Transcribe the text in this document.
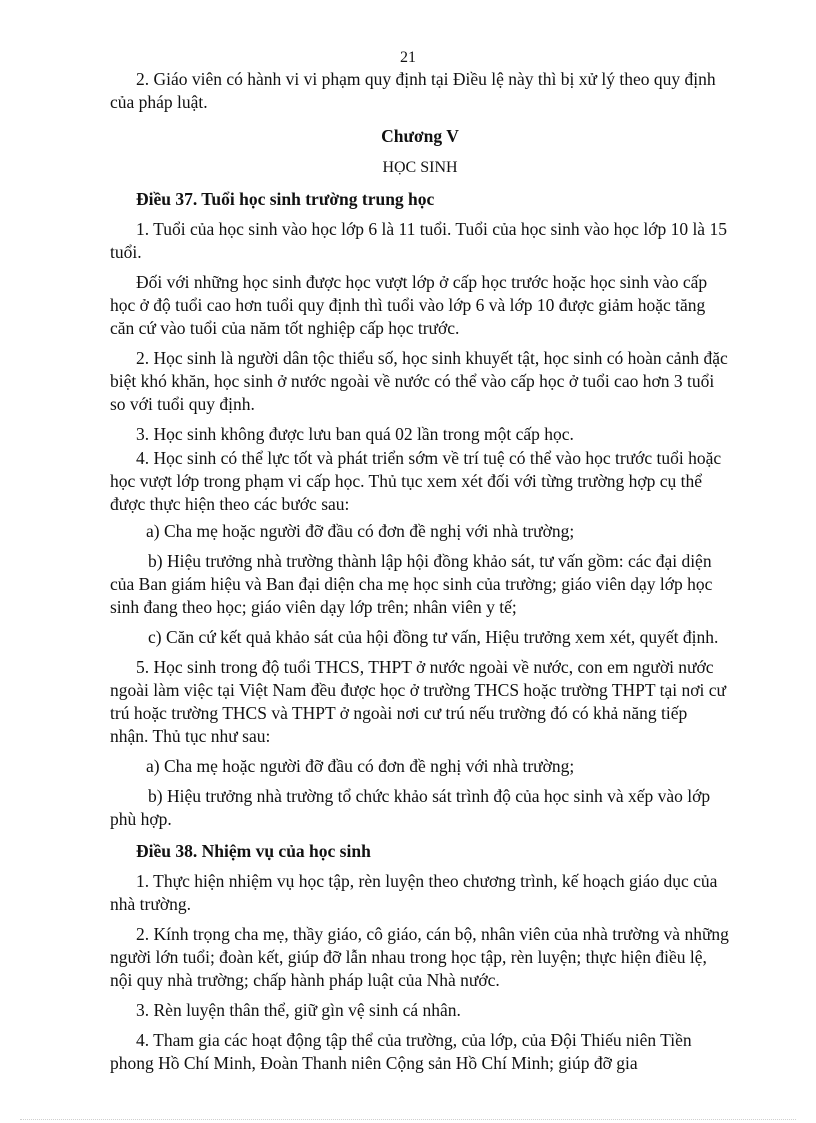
21

2. Giáo viên có hành vi vi phạm quy định tại Điều lệ này thì bị xử lý theo quy định của pháp luật.

Chương V

HỌC SINH

Điều 37. Tuổi học sinh trường trung học

1. Tuổi của học sinh vào học lớp 6 là 11 tuổi. Tuổi của học sinh vào học lớp 10 là 15 tuổi.

Đối với những học sinh được học vượt lớp ở cấp học trước hoặc học sinh vào cấp học ở độ tuổi cao hơn tuổi quy định thì tuổi vào lớp 6 và lớp 10 được giảm hoặc tăng căn cứ vào tuổi của năm tốt nghiệp cấp học trước.

2. Học sinh là người dân tộc thiểu số, học sinh khuyết tật, học sinh có hoàn cảnh đặc biệt khó khăn, học sinh ở nước ngoài về nước có thể vào cấp học ở tuổi cao hơn 3 tuổi so với tuổi quy định.

3. Học sinh không được lưu ban quá 02 lần trong một cấp học.

4. Học sinh có thể lực tốt và phát triển sớm về trí tuệ có thể vào học trước tuổi hoặc học vượt lớp trong phạm vi cấp học. Thủ tục xem xét đối với từng trường hợp cụ thể được thực hiện theo các bước sau:

a) Cha mẹ hoặc người đỡ đầu có đơn đề nghị với nhà trường;

b) Hiệu trưởng nhà trường thành lập hội đồng khảo sát, tư vấn gồm: các đại diện của Ban giám hiệu và Ban đại diện cha mẹ học sinh của trường; giáo viên dạy lớp học sinh đang theo học; giáo viên dạy lớp trên; nhân viên y tế;

c) Căn cứ kết quả khảo sát của hội đồng tư vấn, Hiệu trưởng xem xét, quyết định.

5. Học sinh trong độ tuổi THCS, THPT ở nước ngoài về nước, con em người nước ngoài làm việc tại Việt Nam đều được học ở trường THCS hoặc trường THPT tại nơi cư trú hoặc trường THCS và THPT ở ngoài nơi cư trú nếu trường đó có khả năng tiếp nhận. Thủ tục như sau:

a) Cha mẹ hoặc người đỡ đầu có đơn đề nghị với nhà trường;

b) Hiệu trưởng nhà trường tổ chức khảo sát trình độ của học sinh và xếp vào lớp phù hợp.

Điều 38. Nhiệm vụ của học sinh

1. Thực hiện nhiệm vụ học tập, rèn luyện theo chương trình, kế hoạch giáo dục của nhà trường.

2. Kính trọng cha mẹ, thầy giáo, cô giáo, cán bộ, nhân viên của nhà trường và những người lớn tuổi; đoàn kết, giúp đỡ lẫn nhau trong học tập, rèn luyện; thực hiện điều lệ, nội quy nhà trường; chấp hành pháp luật của Nhà nước.

3. Rèn luyện thân thể, giữ gìn vệ sinh cá nhân.

4. Tham gia các hoạt động tập thể của trường, của lớp, của Đội Thiếu niên Tiền phong Hồ Chí Minh, Đoàn Thanh niên Cộng sản Hồ Chí Minh; giúp đỡ gia
